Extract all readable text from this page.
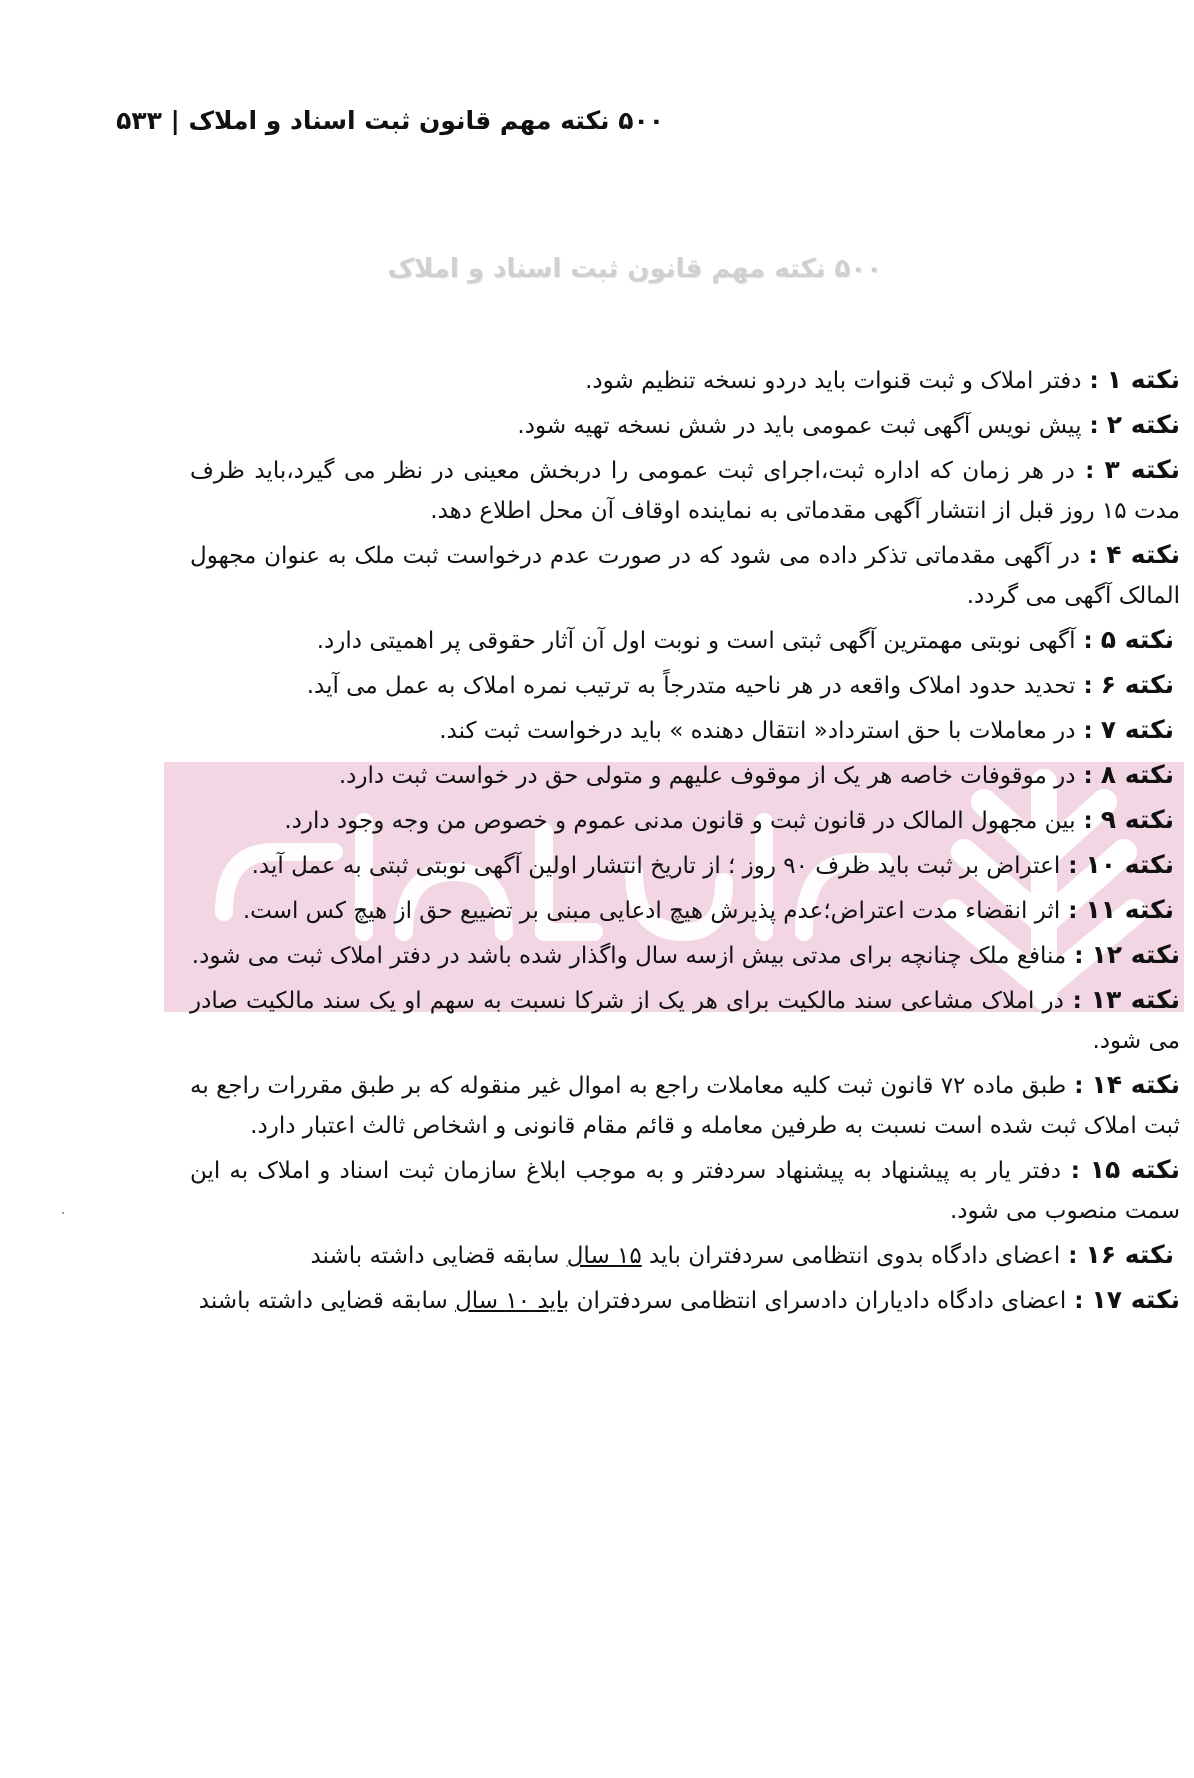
۵۰۰ نکته مهم قانون ثبت اسناد و املاک | ۵۳۳
۵۰۰ نکته مهم قانون ثبت اسناد و املاک

نکته ۱ : دفتر املاک و ثبت قنوات باید دردو نسخه تنظیم شود.

نکته ۲ : پیش نویس آگهی ثبت عمومی باید در شش نسخه تهیه شود.

نکته ۳ : در هر زمان که اداره ثبت،اجرای ثبت عمومی را دربخش معینی در نظر می گیرد،باید ظرف مدت ۱۵ روز قبل از انتشار آگهی مقدماتی به نماینده اوقاف آن محل اطلاع دهد.

نکته ۴ : در آگهی مقدماتی تذکر داده می شود که در صورت عدم درخواست ثبت ملک به عنوان مجهول المالک آگهی می گردد.

نکته ۵ : آگهی نوبتی مهمترین آگهی ثبتی است و نوبت اول آن آثار حقوقی پر اهمیتی دارد.

نکته ۶ : تحدید حدود املاک واقعه در هر ناحیه متدرجاً به ترتیب نمره املاک به عمل می آید.

نکته ۷ : در معاملات با حق استرداد« انتقال دهنده » باید درخواست ثبت کند.

نکته ۸ : در موقوفات خاصه هر یک از موقوف علیهم و متولی حق در خواست ثبت دارد.

نکته ۹ : بین مجهول المالک در قانون ثبت و قانون مدنی عموم و خصوص من وجه وجود دارد.

نکته ۱۰ : اعتراض بر ثبت باید ظرف ۹۰ روز ؛ از تاریخ انتشار اولین آگهی نوبتی ثبتی به عمل آید.

نکته ۱۱ : اثر انقضاء مدت اعتراض؛عدم پذیرش هیچ ادعایی مبنی بر تضییع حق از هیچ کس است.

نکته ۱۲ : منافع ملک چنانچه برای مدتی بیش ازسه سال واگذار شده باشد در دفتر املاک ثبت می شود.

نکته ۱۳ : در املاک مشاعی سند مالکیت برای هر یک از شرکا نسبت به سهم او یک سند مالکیت صادر می شود.

نکته ۱۴ : طبق ماده ۷۲ قانون ثبت کلیه معاملات راجع به اموال غیر منقوله که بر طبق مقررات راجع به ثبت املاک ثبت شده است نسبت به طرفین معامله و قائم مقام قانونی و اشخاص ثالث اعتبار دارد.

نکته ۱۵ : دفتر یار به پیشنهاد به پیشنهاد سردفتر و به موجب ابلاغ سازمان ثبت اسناد و املاک به این سمت منصوب می شود.

نکته ۱۶ : اعضای دادگاه بدوی انتظامی سردفتران باید ۱۵ سال سابقه قضایی داشته باشند

نکته ۱۷ : اعضای دادگاه دادیاران دادسرای انتظامی سردفتران باید ۱۰ سال سابقه قضایی داشته باشند
